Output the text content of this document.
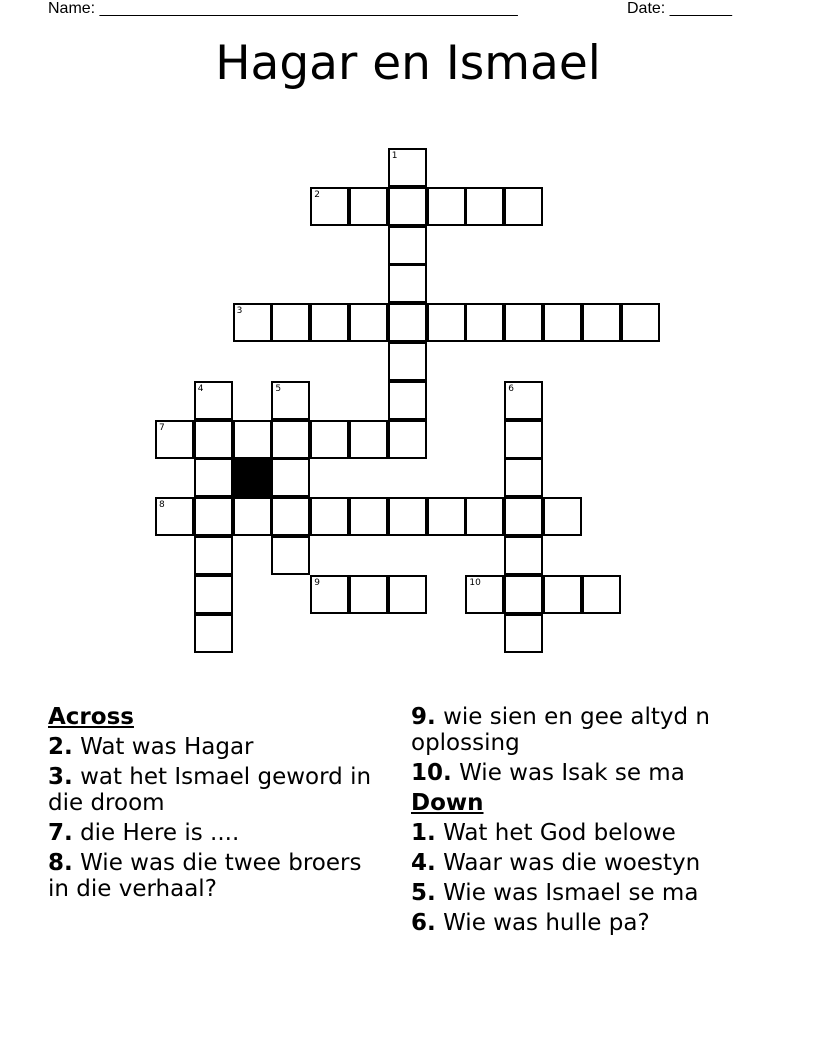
Name: _______________________________________________	Date: _______
Hagar en Ismael
1
2
3
4	5	6
7
8
9	10
Across
2. Wat was Hagar
3. wat het Ismael geword in die droom
7. die Here is ....
8. Wie was die twee broers in die verhaal?
9. wie sien en gee altyd n oplossing
10. Wie was Isak se ma
Down
1. Wat het God belowe
4. Waar was die woestyn
5. Wie was Ismael se ma
6. Wie was hulle pa?
